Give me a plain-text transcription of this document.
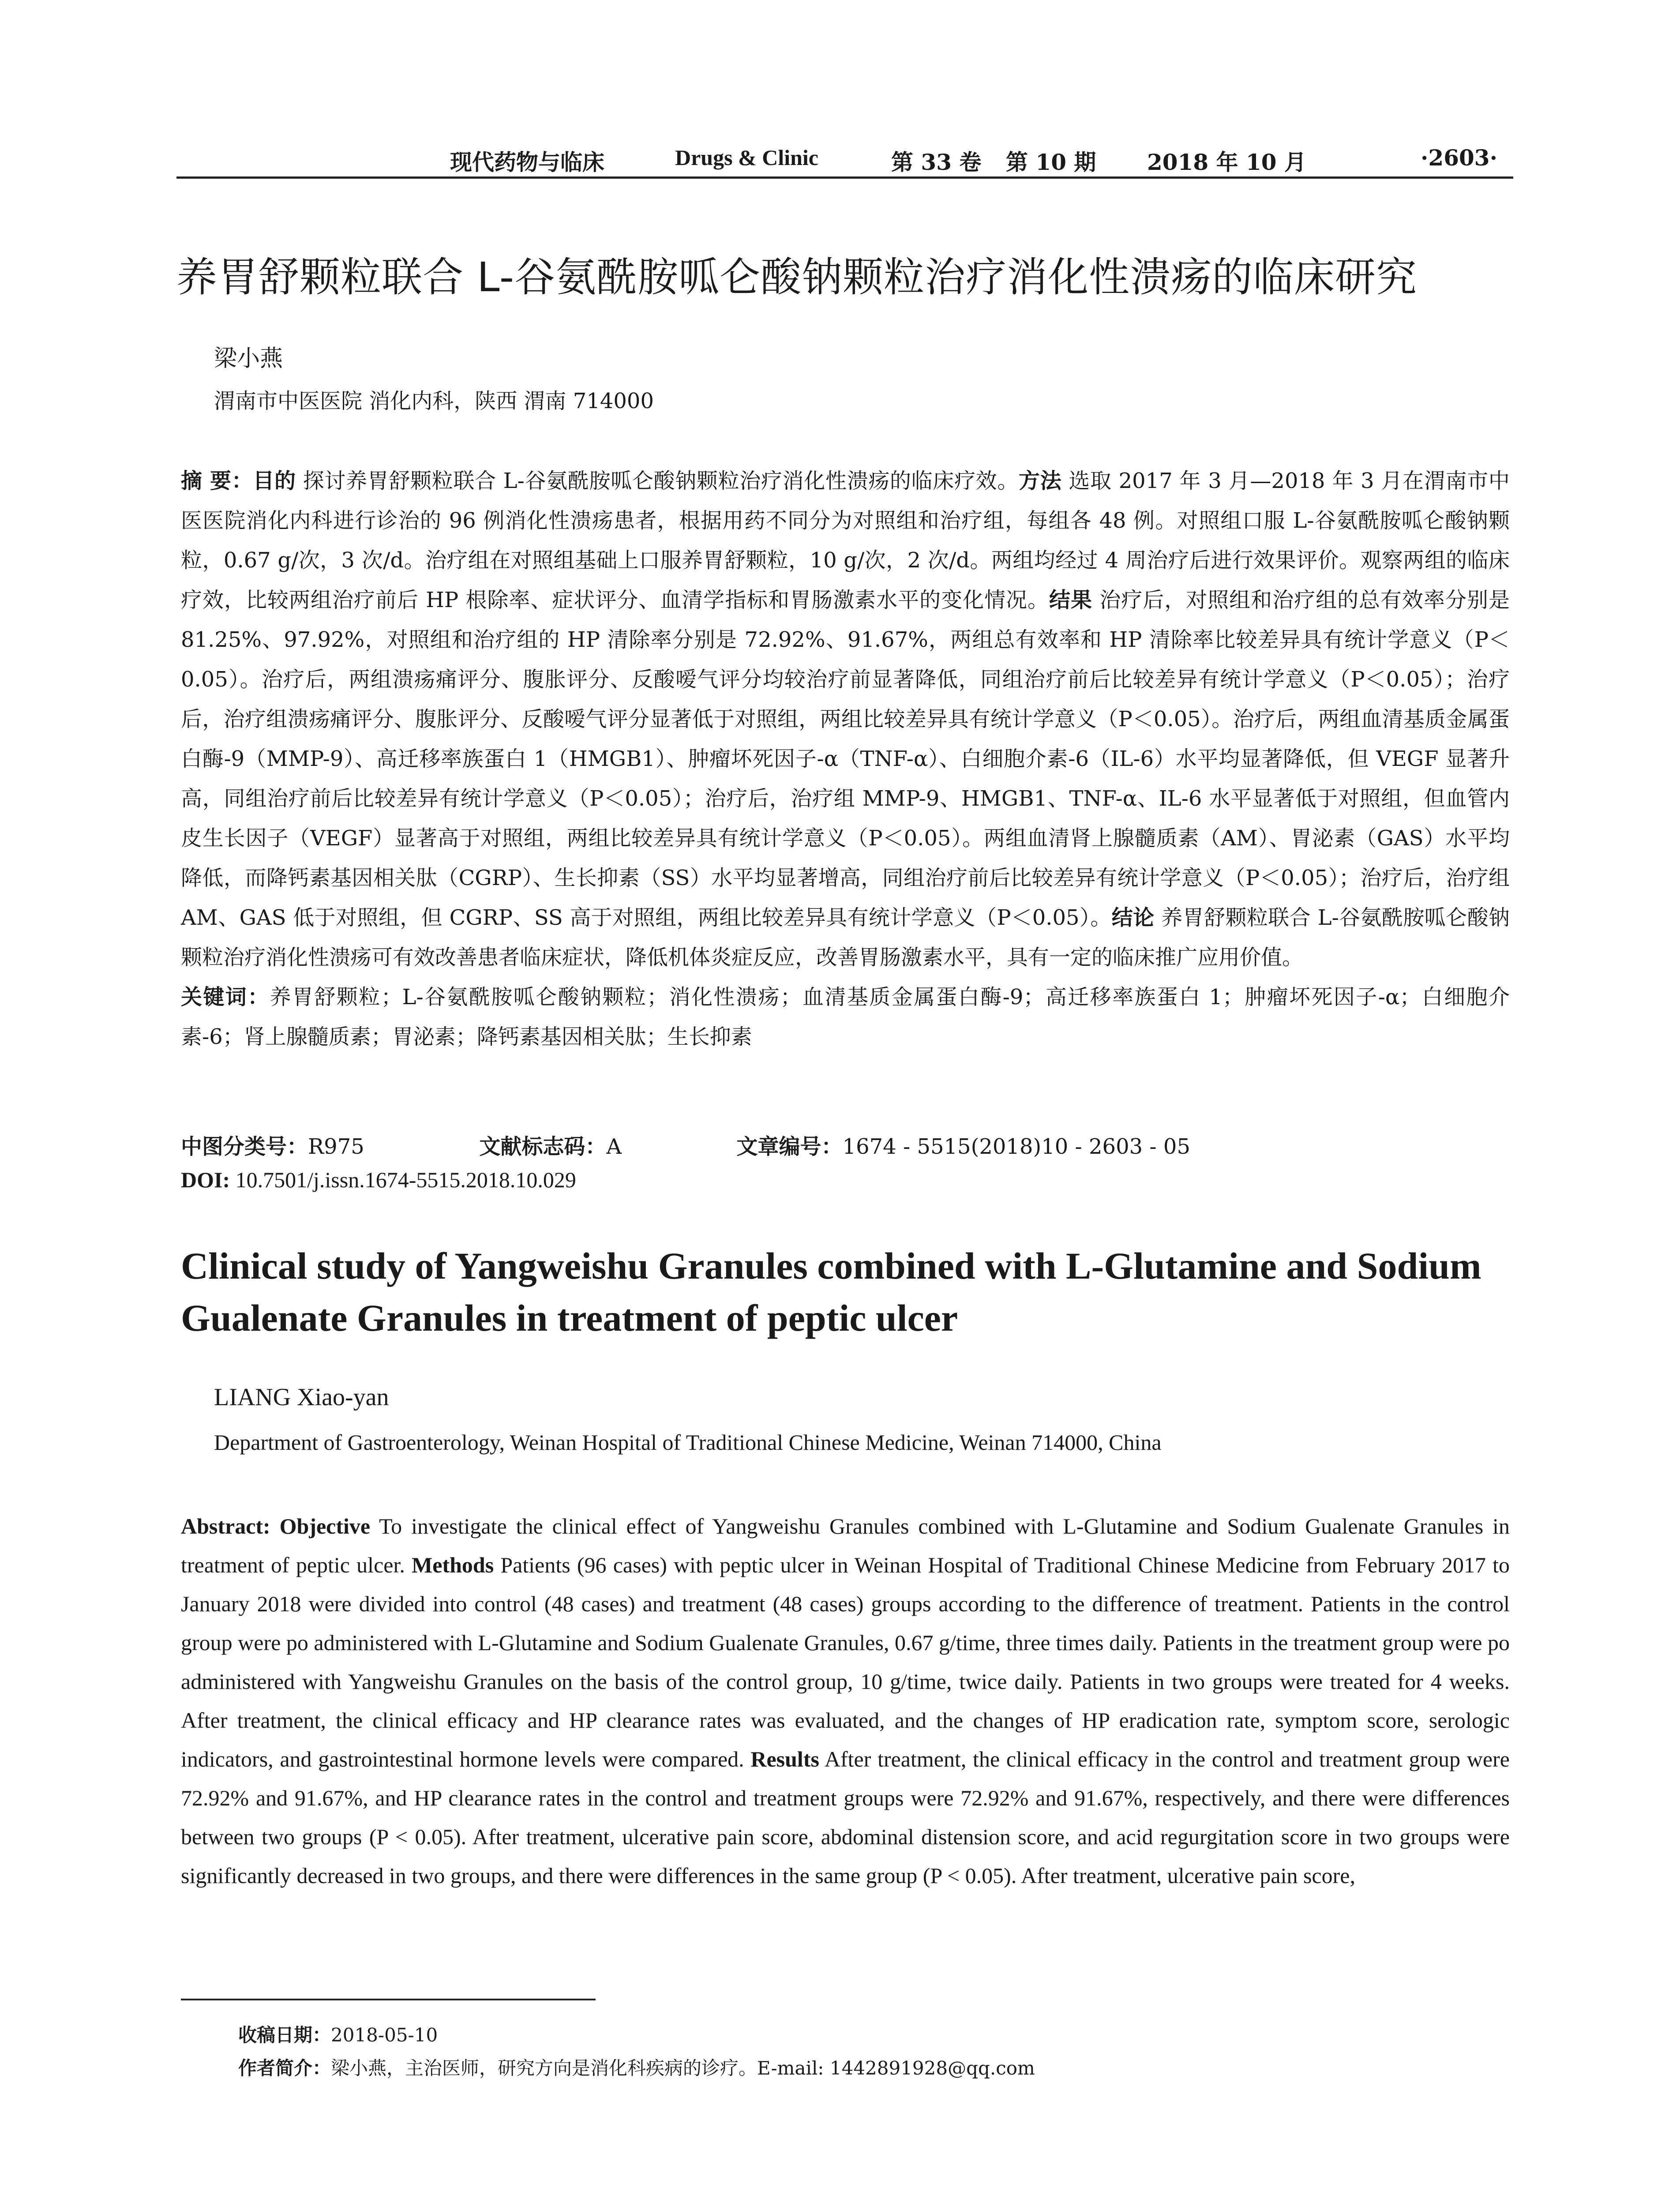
现代药物与临床	Drugs & Clinic	第 33 卷 第 10 期 2018 年 10 月	·2603·
养胃舒颗粒联合 L-谷氨酰胺呱仑酸钠颗粒治疗消化性溃疡的临床研究
梁小燕
渭南市中医医院 消化内科，陕西 渭南 714000
摘 要：目的 探讨养胃舒颗粒联合 L-谷氨酰胺呱仑酸钠颗粒治疗消化性溃疡的临床疗效。方法 选取 2017 年 3 月—2018 年 3 月在渭南市中医医院消化内科进行诊治的 96 例消化性溃疡患者，根据用药不同分为对照组和治疗组，每组各 48 例。对照组口服 L-谷氨酰胺呱仑酸钠颗粒，0.67 g/次，3 次/d。治疗组在对照组基础上口服养胃舒颗粒，10 g/次，2 次/d。两组均经过 4 周治疗后进行效果评价。观察两组的临床疗效，比较两组治疗前后 HP 根除率、症状评分、血清学指标和胃肠激素水平的变化情况。结果 治疗后，对照组和治疗组的总有效率分别是 81.25%、97.92%，对照组和治疗组的 HP 清除率分别是 72.92%、91.67%，两组总有效率和 HP 清除率比较差异具有统计学意义（P＜0.05）。治疗后，两组溃疡痛评分、腹胀评分、反酸嗳气评分均较治疗前显著降低，同组治疗前后比较差异有统计学意义（P＜0.05）；治疗后，治疗组溃疡痛评分、腹胀评分、反酸嗳气评分显著低于对照组，两组比较差异具有统计学意义（P＜0.05）。治疗后，两组血清基质金属蛋白酶-9（MMP-9）、高迁移率族蛋白 1（HMGB1）、肿瘤坏死因子-α（TNF-α）、白细胞介素-6（IL-6）水平均显著降低，但 VEGF 显著升高，同组治疗前后比较差异有统计学意义（P＜0.05）；治疗后，治疗组 MMP-9、HMGB1、TNF-α、IL-6 水平显著低于对照组，但血管内皮生长因子（VEGF）显著高于对照组，两组比较差异具有统计学意义（P＜0.05）。两组血清肾上腺髓质素（AM）、胃泌素（GAS）水平均降低，而降钙素基因相关肽（CGRP）、生长抑素（SS）水平均显著增高，同组治疗前后比较差异有统计学意义（P＜0.05）；治疗后，治疗组 AM、GAS 低于对照组，但 CGRP、SS 高于对照组，两组比较差异具有统计学意义（P＜0.05）。结论 养胃舒颗粒联合 L-谷氨酰胺呱仑酸钠颗粒治疗消化性溃疡可有效改善患者临床症状，降低机体炎症反应，改善胃肠激素水平，具有一定的临床推广应用价值。
关键词：养胃舒颗粒；L-谷氨酰胺呱仑酸钠颗粒；消化性溃疡；血清基质金属蛋白酶-9；高迁移率族蛋白 1；肿瘤坏死因子-α；白细胞介素-6；肾上腺髓质素；胃泌素；降钙素基因相关肽；生长抑素
中图分类号：R975	文献标志码：A	文章编号：1674 - 5515(2018)10 - 2603 - 05
DOI: 10.7501/j.issn.1674-5515.2018.10.029
Clinical study of Yangweishu Granules combined with L-Glutamine and Sodium Gualenate Granules in treatment of peptic ulcer
LIANG Xiao-yan
Department of Gastroenterology, Weinan Hospital of Traditional Chinese Medicine, Weinan 714000, China
Abstract: Objective To investigate the clinical effect of Yangweishu Granules combined with L-Glutamine and Sodium Gualenate Granules in treatment of peptic ulcer. Methods Patients (96 cases) with peptic ulcer in Weinan Hospital of Traditional Chinese Medicine from February 2017 to January 2018 were divided into control (48 cases) and treatment (48 cases) groups according to the difference of treatment. Patients in the control group were po administered with L-Glutamine and Sodium Gualenate Granules, 0.67 g/time, three times daily. Patients in the treatment group were po administered with Yangweishu Granules on the basis of the control group, 10 g/time, twice daily. Patients in two groups were treated for 4 weeks. After treatment, the clinical efficacy and HP clearance rates was evaluated, and the changes of HP eradication rate, symptom score, serologic indicators, and gastrointestinal hormone levels were compared. Results After treatment, the clinical efficacy in the control and treatment group were 72.92% and 91.67%, and HP clearance rates in the control and treatment groups were 72.92% and 91.67%, respectively, and there were differences between two groups (P < 0.05). After treatment, ulcerative pain score, abdominal distension score, and acid regurgitation score in two groups were significantly decreased in two groups, and there were differences in the same group (P < 0.05). After treatment, ulcerative pain score,
收稿日期：2018-05-10
作者简介：梁小燕，主治医师，研究方向是消化科疾病的诊疗。E-mail: 1442891928@qq.com
